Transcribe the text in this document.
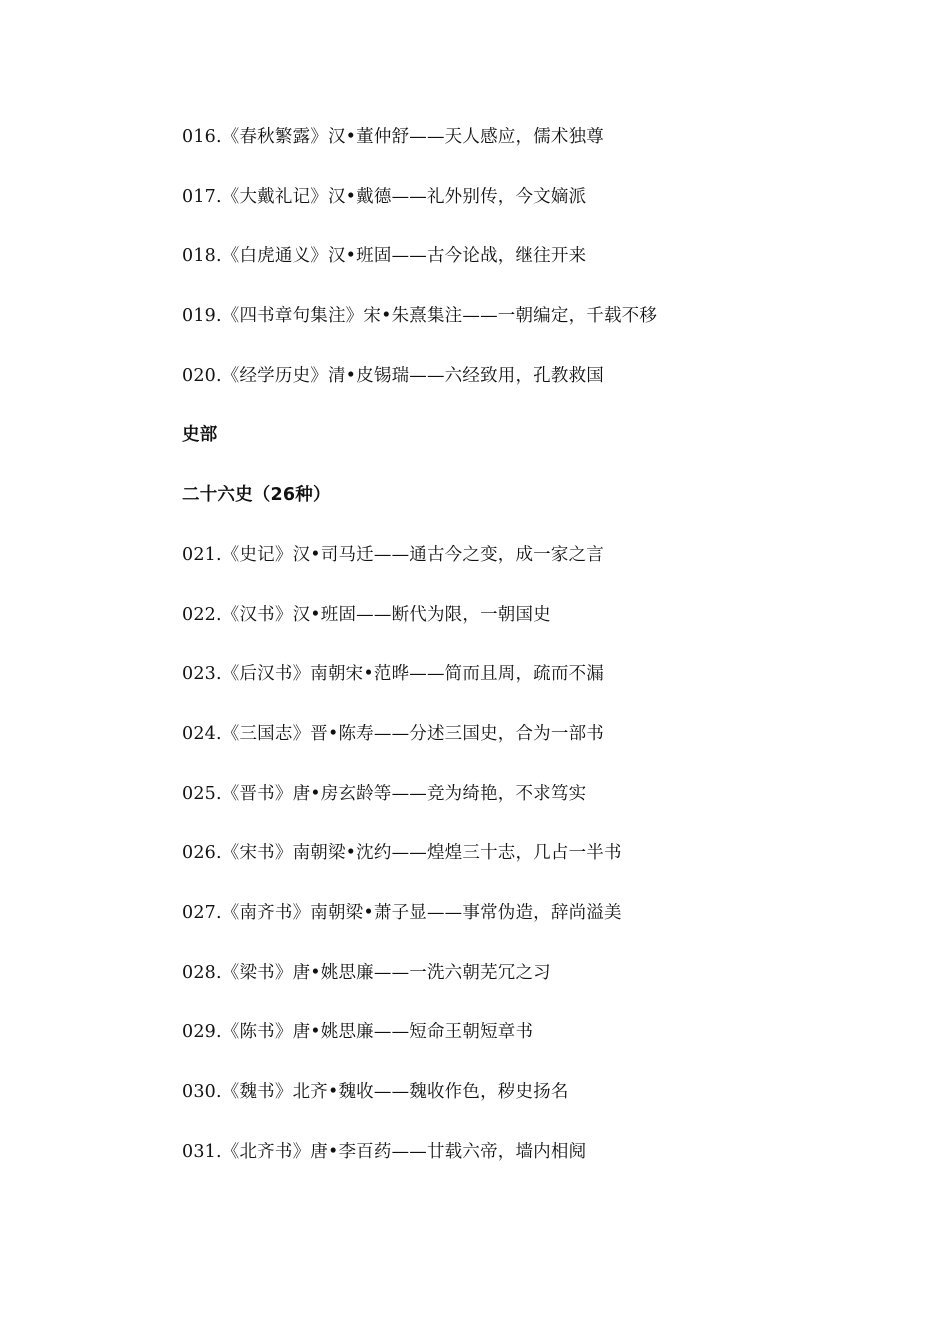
016.《春秋繁露》汉•董仲舒——天人感应，儒术独尊
017.《大戴礼记》汉•戴德——礼外别传，今文嫡派
018.《白虎通义》汉•班固——古今论战，继往开来
019.《四书章句集注》宋•朱熹集注——一朝编定，千载不移
020.《经学历史》清•皮锡瑞——六经致用，孔教救国
史部
二十六史（26种）
021.《史记》汉•司马迁——通古今之变，成一家之言
022.《汉书》汉•班固——断代为限，一朝国史
023.《后汉书》南朝宋•范晔——简而且周，疏而不漏
024.《三国志》晋•陈寿——分述三国史，合为一部书
025.《晋书》唐•房玄龄等——竞为绮艳，不求笃实
026.《宋书》南朝梁•沈约——煌煌三十志，几占一半书
027.《南齐书》南朝梁•萧子显——事常伪造，辞尚溢美
028.《梁书》唐•姚思廉——一洗六朝芜冗之习
029.《陈书》唐•姚思廉——短命王朝短章书
030.《魏书》北齐•魏收——魏收作色，秽史扬名
031.《北齐书》唐•李百药——廿载六帝，墙内相阋
